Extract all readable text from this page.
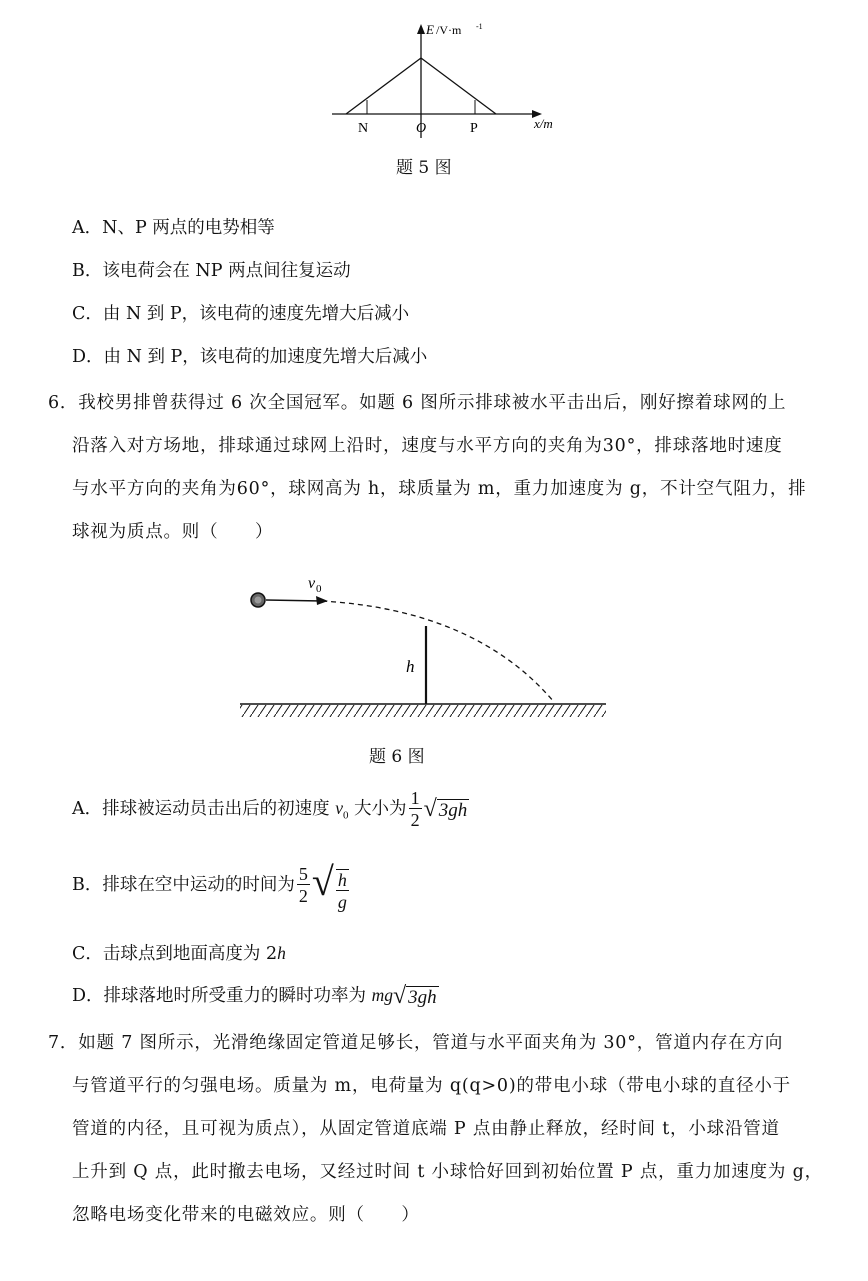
E /V·m -1
x/m
N	O	P
题 5 图
A．N、P 两点的电势相等
B．该电荷会在 NP 两点间往复运动
C．由 N 到 P，该电荷的速度先增大后减小
D．由 N 到 P，该电荷的加速度先增大后减小
6．我校男排曾获得过 6 次全国冠军。如题 6 图所示排球被水平击出后，刚好擦着球网的上
沿落入对方场地，排球通过球网上沿时，速度与水平方向的夹角为30°，排球落地时速度
与水平方向的夹角为60°，球网高为 h，球质量为 m，重力加速度为 g，不计空气阻力，排
球视为质点。则（　　）
v 0
h
题 6 图
A．排球被运动员击出后的初速度 $v_0$ 大小为 $\frac{1}{2}$ √ 3gh
B．排球在空中运动的时间为 $\frac{5}{2}$ √ $\frac{h}{g}$
C．击球点到地面高度为 2h
D．排球落地时所受重力的瞬时功率为 mg√ 3gh
7．如题 7 图所示，光滑绝缘固定管道足够长，管道与水平面夹角为 30°，管道内存在方向
与管道平行的匀强电场。质量为 m，电荷量为 q(q>0)的带电小球（带电小球的直径小于
管道的内径，且可视为质点），从固定管道底端 P 点由静止释放，经时间 t，小球沿管道
上升到 Q 点，此时撤去电场，又经过时间 t 小球恰好回到初始位置 P 点，重力加速度为 g，
忽略电场变化带来的电磁效应。则（　　）
